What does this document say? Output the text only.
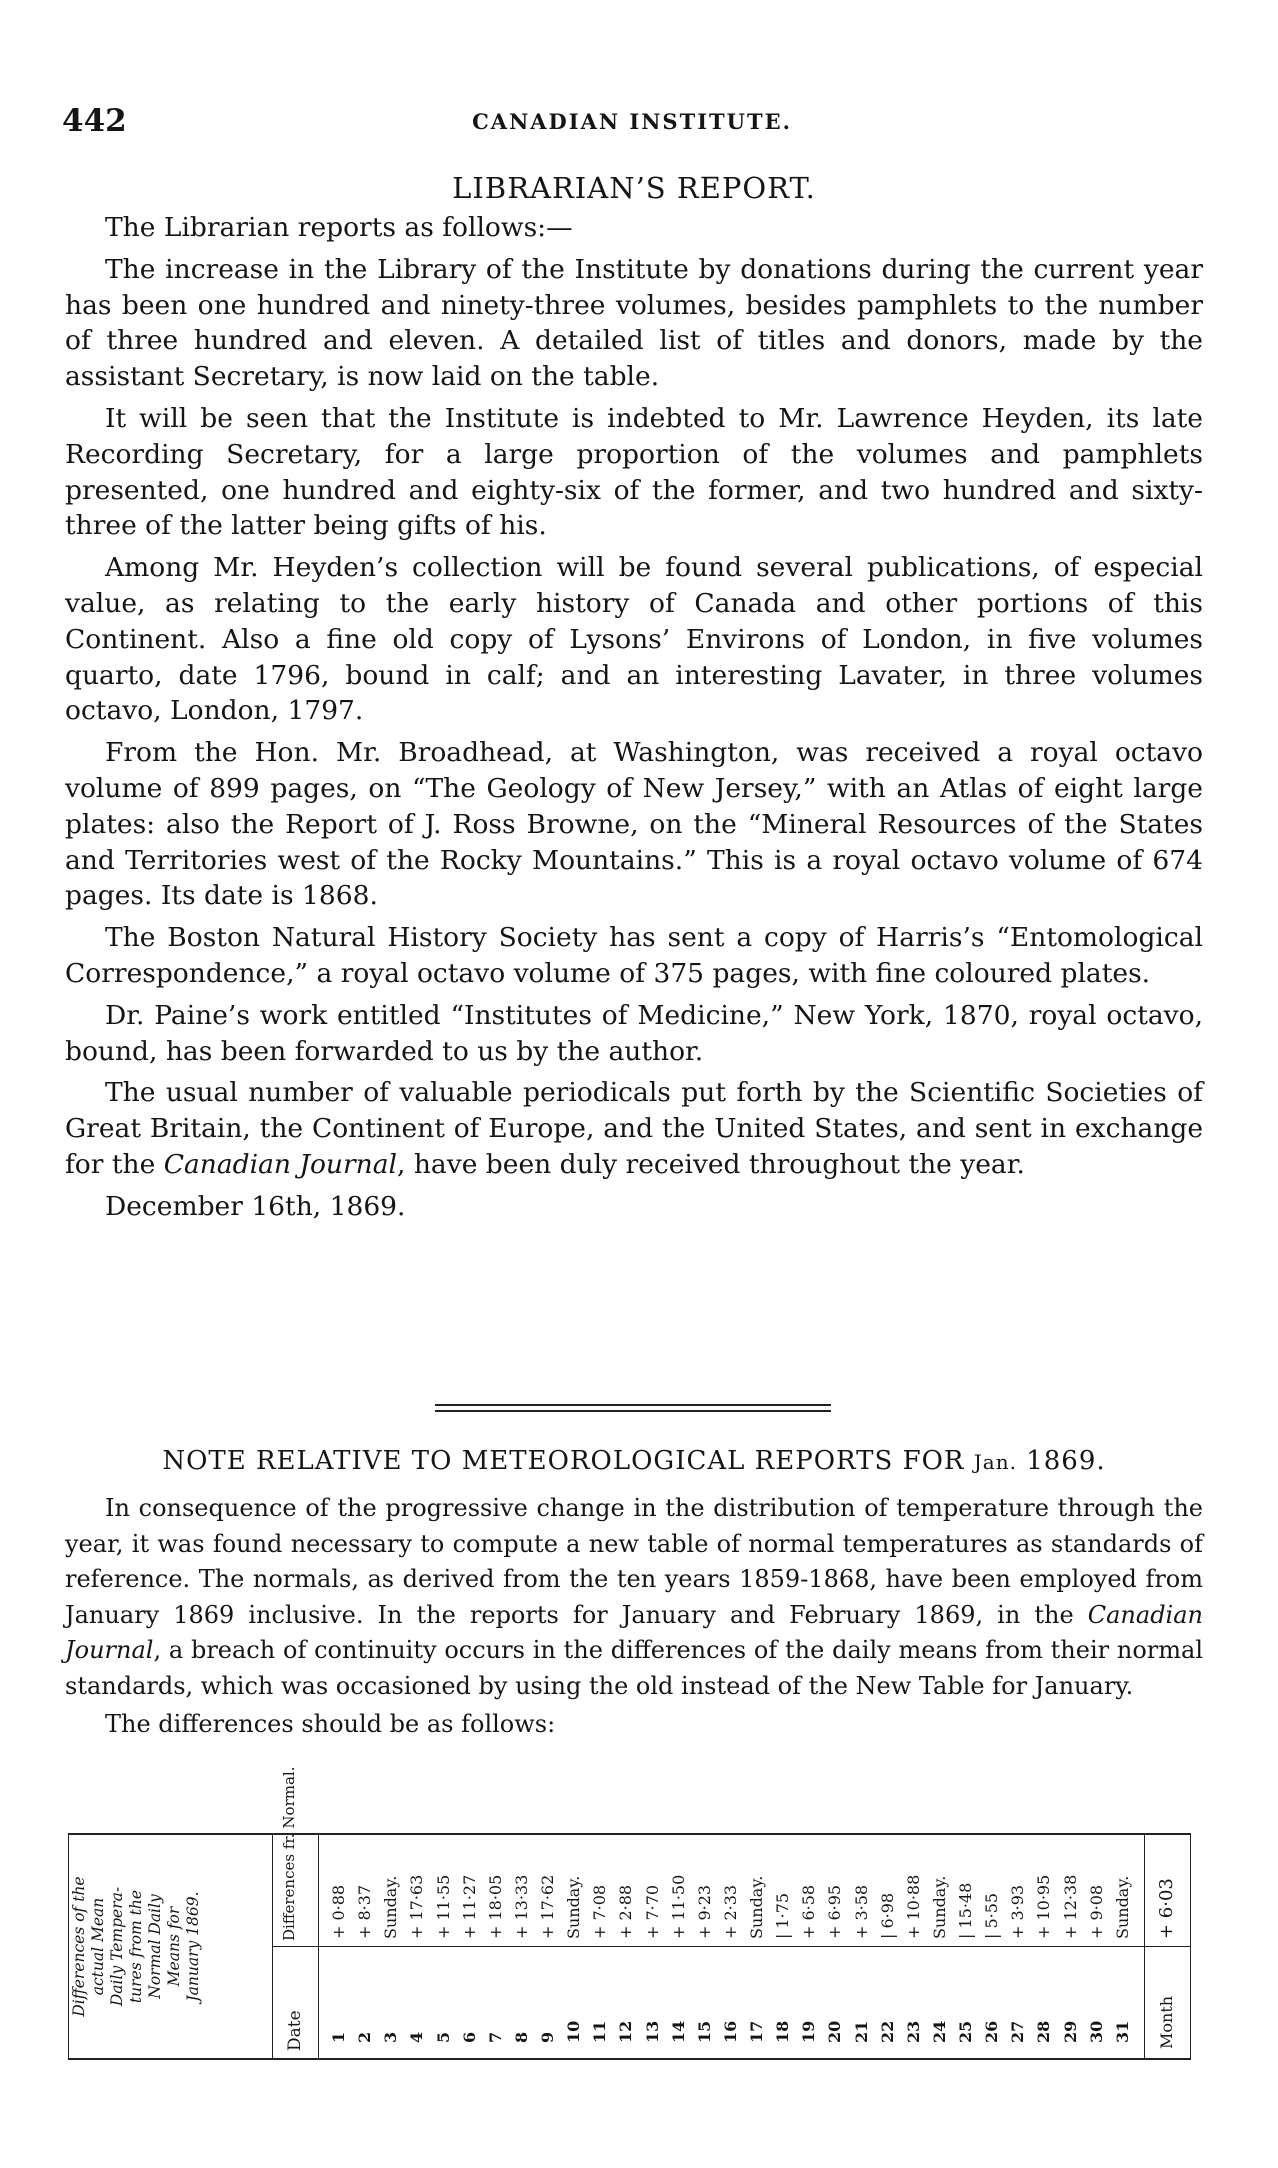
442	CANADIAN INSTITUTE.
LIBRARIAN’S REPORT.

The Librarian reports as follows:—

The increase in the Library of the Institute by donations during the current year has been one hundred and ninety-three volumes, besides pamphlets to the number of three hundred and eleven. A detailed list of titles and donors, made by the assistant Secretary, is now laid on the table.

It will be seen that the Institute is indebted to Mr. Lawrence Heyden, its late Recording Secretary, for a large proportion of the volumes and pamphlets presented, one hundred and eighty-six of the former, and two hundred and sixty-three of the latter being gifts of his.

Among Mr. Heyden’s collection will be found several publications, of especial value, as relating to the early history of Canada and other portions of this Continent. Also a fine old copy of Lysons’ Environs of London, in five volumes quarto, date 1796, bound in calf; and an interesting Lavater, in three volumes octavo, London, 1797.

From the Hon. Mr. Broadhead, at Washington, was received a royal octavo volume of 899 pages, on “The Geology of New Jersey,” with an Atlas of eight large plates: also the Report of J. Ross Browne, on the “Mineral Resources of the States and Territories west of the Rocky Mountains.” This is a royal octavo volume of 674 pages. Its date is 1868.

The Boston Natural History Society has sent a copy of Harris’s “Entomological Correspondence,” a royal octavo volume of 375 pages, with fine coloured plates.

Dr. Paine’s work entitled “Institutes of Medicine,” New York, 1870, royal octavo, bound, has been forwarded to us by the author.

The usual number of valuable periodicals put forth by the Scientific Societies of Great Britain, the Continent of Europe, and the United States, and sent in exchange for the Canadian Journal, have been duly received throughout the year.

December 16th, 1869.

NOTE RELATIVE TO METEOROLOGICAL REPORTS FOR Jan. 1869.

In consequence of the progressive change in the distribution of temperature through the year, it was found necessary to compute a new table of normal temperatures as standards of reference. The normals, as derived from the ten years 1859-1868, have been employed from January 1869 inclusive. In the reports for January and February 1869, in the Canadian Journal, a breach of continuity occurs in the differences of the daily means from their normal standards, which was occasioned by using the old instead of the New Table for January.

The differences should be as follows:

Differences of the actual Mean Daily Tempera- tures from the Normal Daily Means for January 1869.
Differences fr. Normal.
Date
+ 6·03
Month
+ 0·88
1
+ 8·37
2
Sunday.
3
+ 17·63
4
+ 11·55
5
+ 11·27
6
+ 18·05
7
+ 13·33
8
+ 17·62
9
Sunday.
10
+ 7·08
11
+ 2·88
12
+ 7·70
13
+ 11·50
14
+ 9·23
15
+ 2·33
16
Sunday.
17
| 1·75
18
+ 6·58
19
+ 6·95
20
+ 3·58
21
| 6·98
22
+ 10·88
23
Sunday.
24
| 15·48
25
| 5·55
26
+ 3·93
27
+ 10·95
28
+ 12·38
29
+ 9·08
30
Sunday.
31
